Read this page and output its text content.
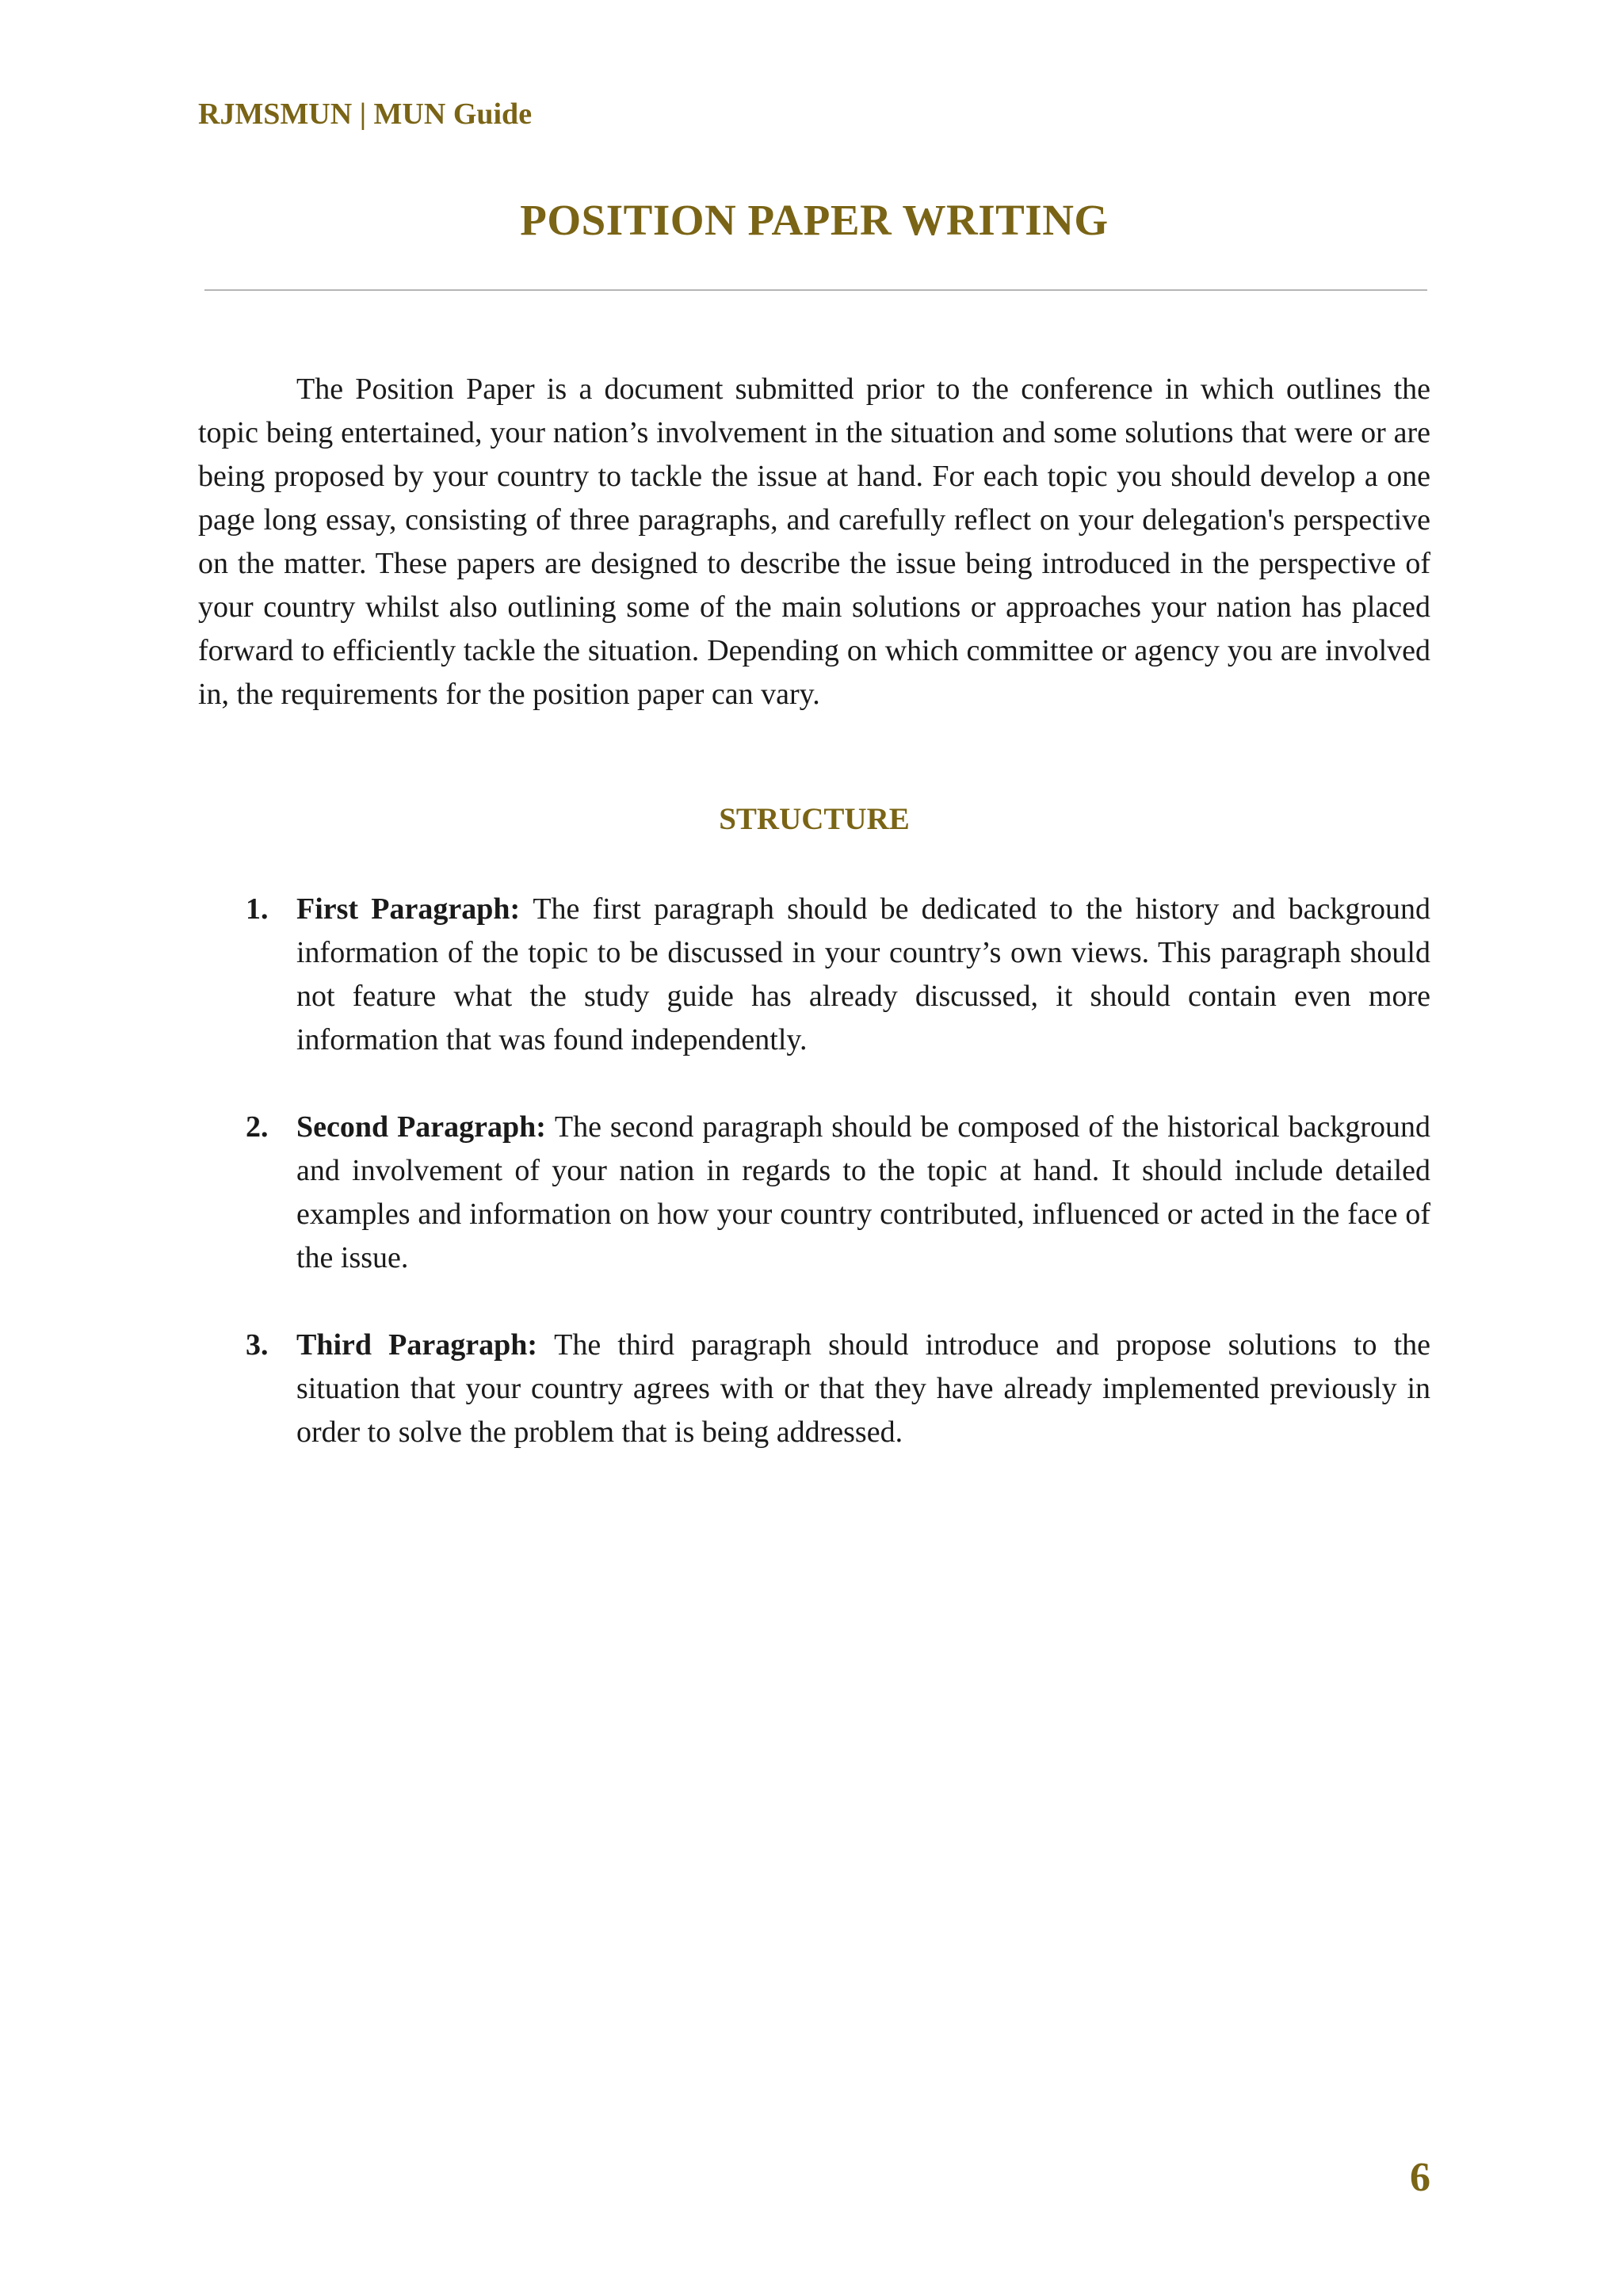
RJMSMUN | MUN Guide
POSITION PAPER WRITING

The Position Paper is a document submitted prior to the conference in which outlines the topic being entertained, your nation’s involvement in the situation and some solutions that were or are being proposed by your country to tackle the issue at hand. For each topic you should develop a one page long essay, consisting of three paragraphs, and carefully reflect on your delegation's perspective on the matter. These papers are designed to describe the issue being introduced in the perspective of your country whilst also outlining some of the main solutions or approaches your nation has placed forward to efficiently tackle the situation. Depending on which committee or agency you are involved in, the requirements for the position paper can vary.

STRUCTURE
1. First Paragraph: The first paragraph should be dedicated to the history and background information of the topic to be discussed in your country’s own views. This paragraph should not feature what the study guide has already discussed, it should contain even more information that was found independently.
2. Second Paragraph: The second paragraph should be composed of the historical background and involvement of your nation in regards to the topic at hand. It should include detailed examples and information on how your country contributed, influenced or acted in the face of the issue.
3. Third Paragraph: The third paragraph should introduce and propose solutions to the situation that your country agrees with or that they have already implemented previously in order to solve the problem that is being addressed.
6
